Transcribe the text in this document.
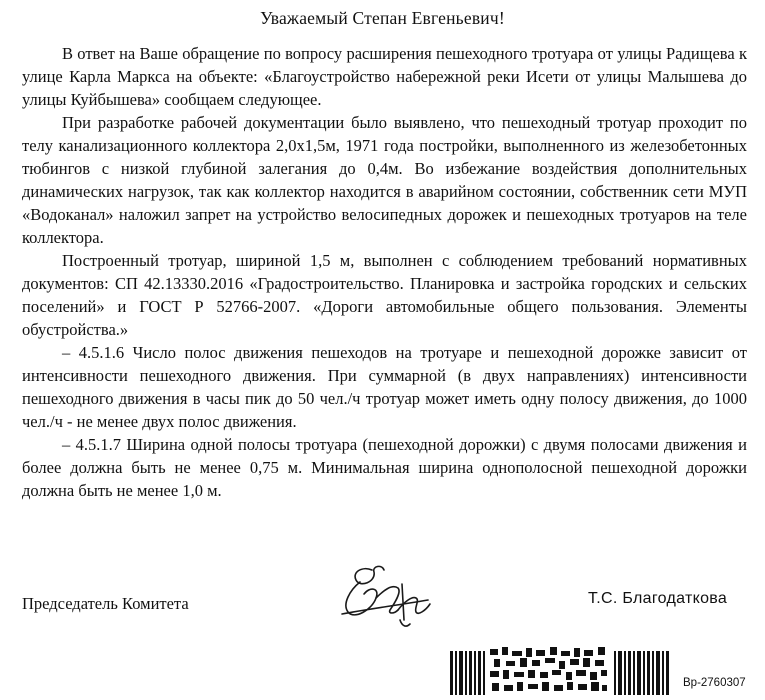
Уважаемый Степан Евгеньевич!

В ответ на Ваше обращение по вопросу расширения пешеходного тротуара от улицы Радищева к улице Карла Маркса на объекте: «Благоустройство набережной реки Исети от улицы Малышева до улицы Куйбышева» сообщаем следующее.

При разработке рабочей документации было выявлено, что пешеходный тротуар проходит по телу канализационного коллектора 2,0х1,5м, 1971 года постройки, выполненного из железобетонных тюбингов с низкой глубиной залегания до 0,4м. Во избежание воздействия дополнительных динамических нагрузок, так как коллектор находится в аварийном состоянии, собственник сети МУП «Водоканал» наложил запрет на устройство велосипедных дорожек и пешеходных тротуаров на теле коллектора.

Построенный тротуар, шириной 1,5 м, выполнен с соблюдением требований нормативных документов: СП 42.13330.2016 «Градостроительство. Планировка и застройка городских и сельских поселений» и ГОСТ Р 52766-2007. «Дороги автомобильные общего пользования. Элементы обустройства.»

– 4.5.1.6 Число полос движения пешеходов на тротуаре и пешеходной дорожке зависит от интенсивности пешеходного движения. При суммарной (в двух направлениях) интенсивности пешеходного движения в часы пик до 50 чел./ч тротуар может иметь одну полосу движения, до 1000 чел./ч - не менее двух полос движения.

– 4.5.1.7 Ширина одной полосы тротуара (пешеходной дорожки) с двумя полосами движения и более должна быть не менее 0,75 м. Минимальная ширина однополосной пешеходной дорожки должна быть не менее 1,0 м.

Председатель Комитета	Т.С. Благодаткова
Вр-2760307
